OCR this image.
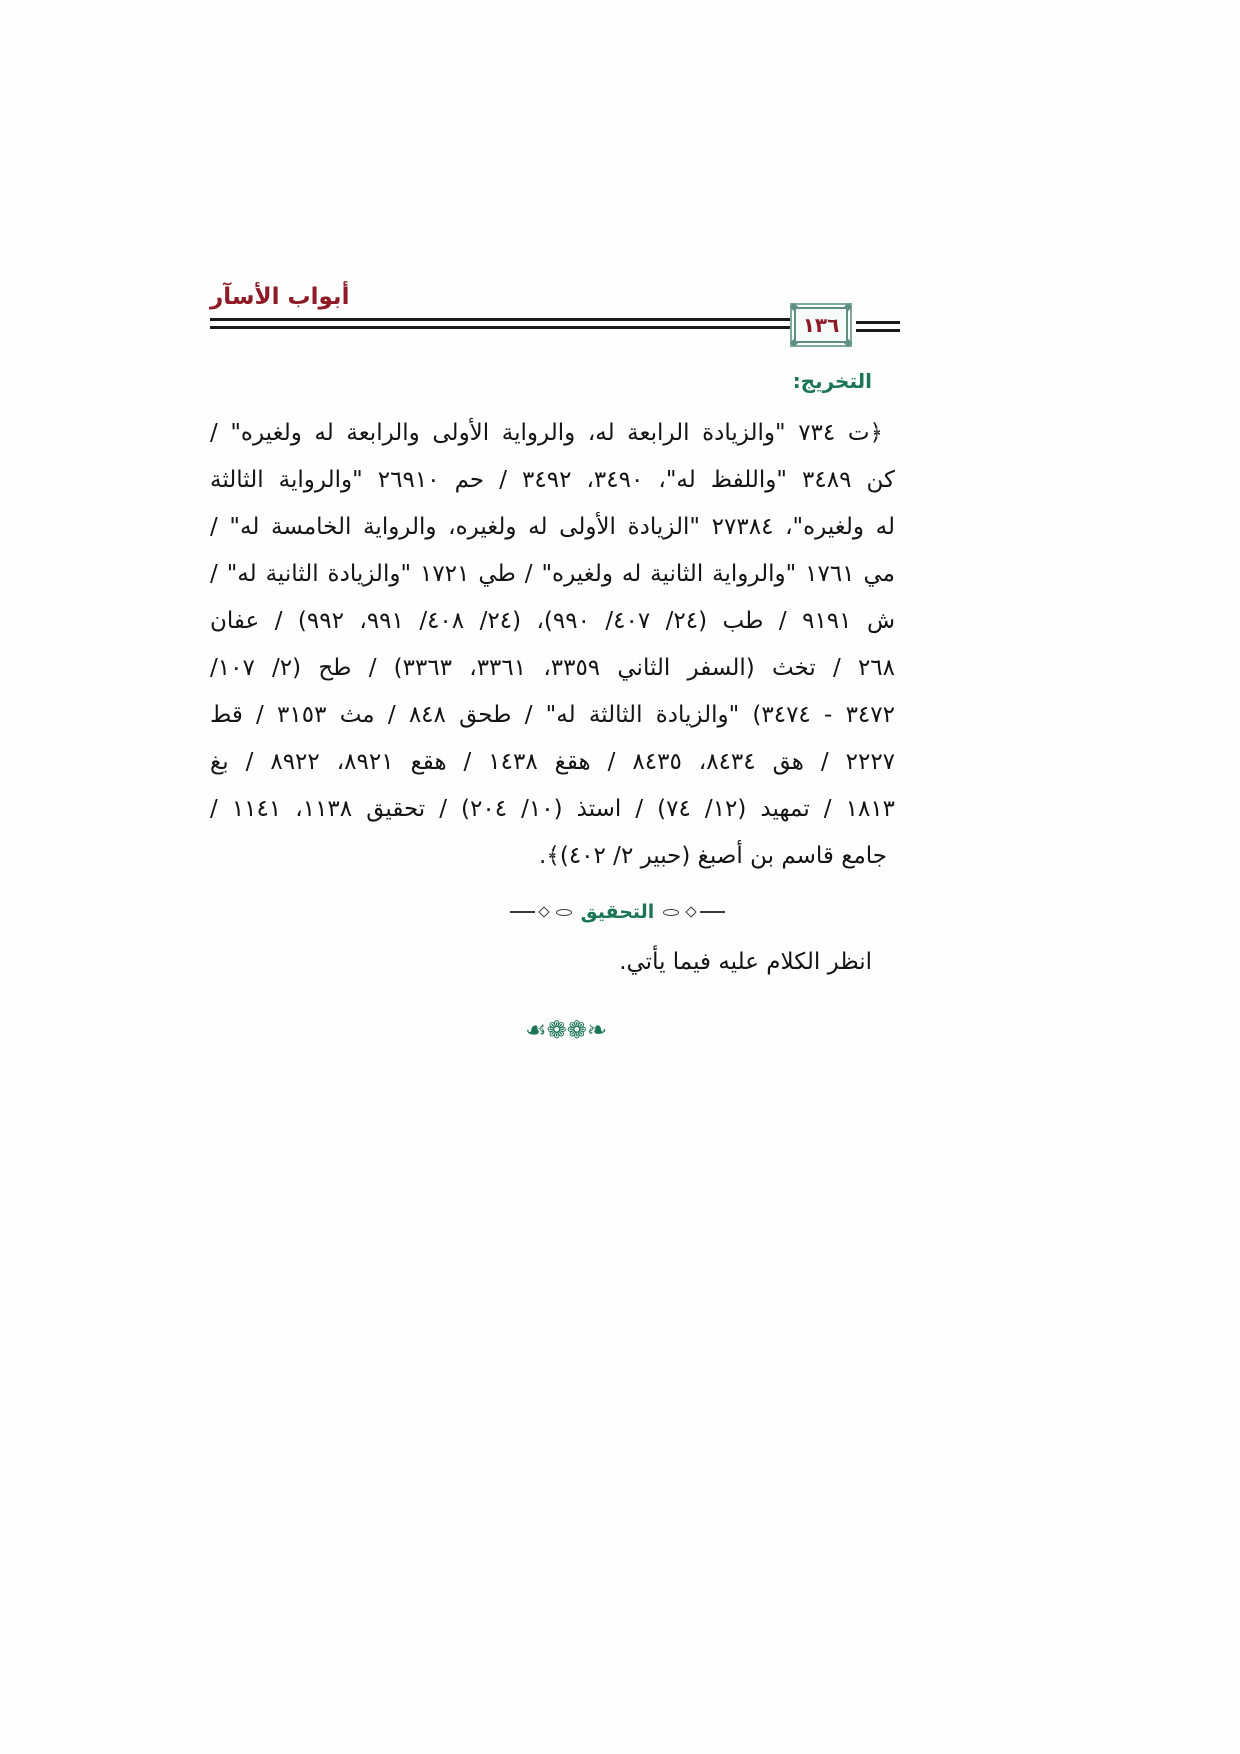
أبواب الأسآر
١٣٦
التخريج:
﴿ت ٧٣٤ "والزيادة الرابعة له، والرواية الأولى والرابعة له ولغيره" /
كن ٣٤٨٩ "واللفظ له"، ٣٤٩٠، ٣٤٩٢ / حم ٢٦٩١٠ "والرواية الثالثة
له ولغيره"، ٢٧٣٨٤ "الزيادة الأولى له ولغيره، والرواية الخامسة له" /
مي ١٧٦١ "والرواية الثانية له ولغيره" / طي ١٧٢١ "والزيادة الثانية له" /
ش ٩١٩١ / طب (٢٤/ ٤٠٧/ ٩٩٠)، (٢٤/ ٤٠٨/ ٩٩١، ٩٩٢) / عفان
٢٦٨ / تخث (السفر الثاني ٣٣٥٩، ٣٣٦١، ٣٣٦٣) / طح (٢/ ١٠٧/
٣٤٧٢ - ٣٤٧٤) "والزيادة الثالثة له" / طحق ٨٤٨ / مث ٣١٥٣ / قط
٢٢٢٧ / هق ٨٤٣٤، ٨٤٣٥ / هقغ ١٤٣٨ / هقع ٨٩٢١، ٨٩٢٢ / بغ
١٨١٣ / تمهيد (١٢/ ٧٤) / استذ (١٠/ ٢٠٤) / تحقيق ١١٣٨، ١١٤١ /
جامع قاسم بن أصبغ (حبير ٢/ ٤٠٢)﴾.
التحقيق
انظر الكلام عليه فيما يأتي.
☙❁❁❧
